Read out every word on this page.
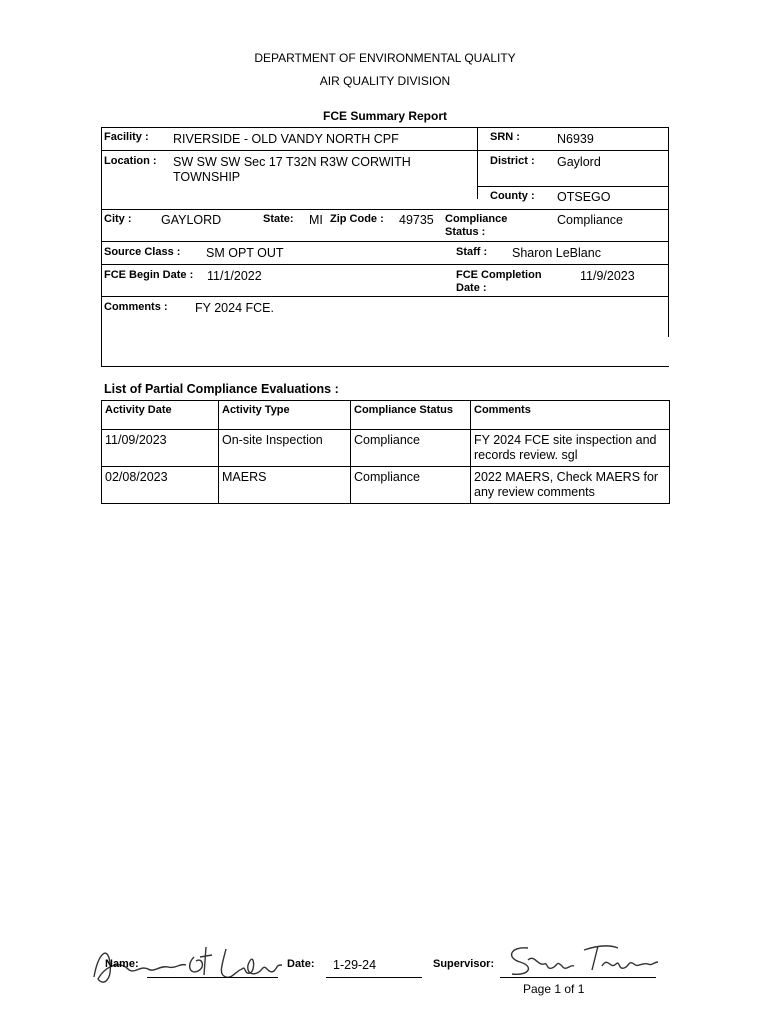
DEPARTMENT OF ENVIRONMENTAL QUALITY
AIR QUALITY DIVISION
FCE Summary Report
Facility : RIVERSIDE - OLD VANDY NORTH CPF	SRN :	N6939
Location : SW SW SW Sec 17 T32N R3W CORWITH TOWNSHIP
District : Gaylord
County : OTSEGO
City : GAYLORD	State: MI Zip Code : 49735 Compliance Status :
Compliance
Source Class : SM OPT OUT	Staff : Sharon LeBlanc
FCE Begin Date : 11/1/2022	FCE Completion Date :
11/9/2023
Comments : FY 2024 FCE.
List of Partial Compliance Evaluations :
Activity Date	Activity Type	Compliance Status	Comments
11/09/2023	On-site Inspection	Compliance	FY 2024 FCE site inspection and records review. sgl
02/08/2023	MAERS	Compliance	2022 MAERS, Check MAERS for any review comments
Name:	Date: 1-29-24	Supervisor:
Page 1 of 1
